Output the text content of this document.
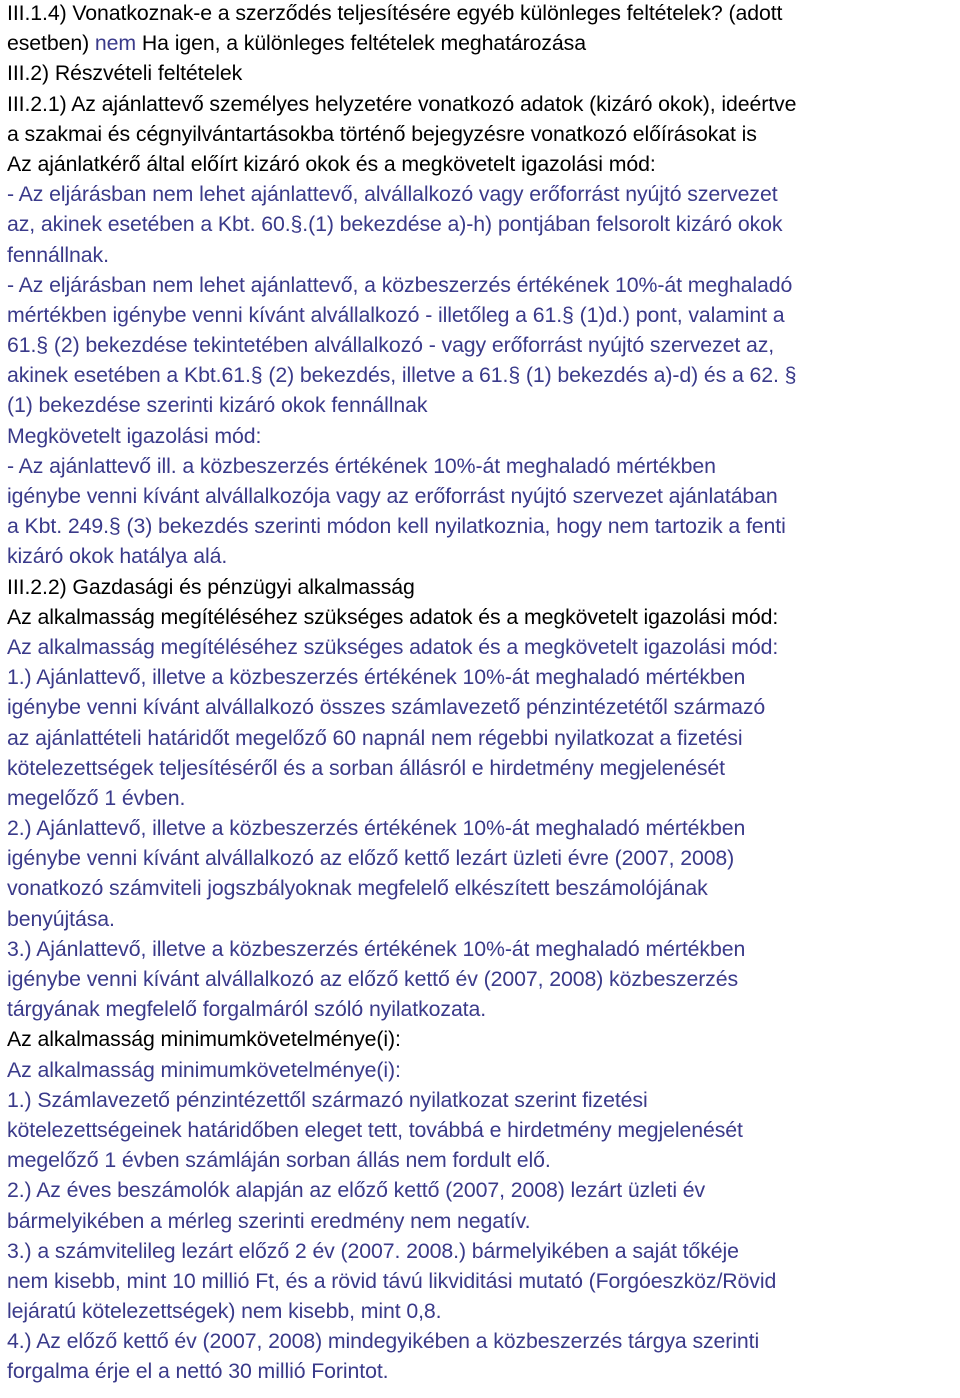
III.1.4) Vonatkoznak-e a szerződés teljesítésére egyéb különleges feltételek? (adott
esetben) nem Ha igen, a különleges feltételek meghatározása
III.2) Részvételi feltételek
III.2.1) Az ajánlattevő személyes helyzetére vonatkozó adatok (kizáró okok), ideértve
a szakmai és cégnyilvántartásokba történő bejegyzésre vonatkozó előírásokat is
Az ajánlatkérő által előírt kizáró okok és a megkövetelt igazolási mód:
- Az eljárásban nem lehet ajánlattevő, alvállalkozó vagy erőforrást nyújtó szervezet
az, akinek esetében a Kbt. 60.§.(1) bekezdése a)-h) pontjában felsorolt kizáró okok
fennállnak.
- Az eljárásban nem lehet ajánlattevő, a közbeszerzés értékének 10%-át meghaladó
mértékben igénybe venni kívánt alvállalkozó - illetőleg a 61.§ (1)d.) pont, valamint a
61.§ (2) bekezdése tekintetében alvállalkozó - vagy erőforrást nyújtó szervezet az,
akinek esetében a Kbt.61.§ (2) bekezdés, illetve a 61.§ (1) bekezdés a)-d) és a 62. §
(1) bekezdése szerinti kizáró okok fennállnak
Megkövetelt igazolási mód:
- Az ajánlattevő ill. a közbeszerzés értékének 10%-át meghaladó mértékben
igénybe venni kívánt alvállalkozója vagy az erőforrást nyújtó szervezet ajánlatában
a Kbt. 249.§ (3) bekezdés szerinti módon kell nyilatkoznia, hogy nem tartozik a fenti
kizáró okok hatálya alá.
III.2.2) Gazdasági és pénzügyi alkalmasság
Az alkalmasság megítéléséhez szükséges adatok és a megkövetelt igazolási mód:
Az alkalmasság megítéléséhez szükséges adatok és a megkövetelt igazolási mód:
1.) Ajánlattevő, illetve a közbeszerzés értékének 10%-át meghaladó mértékben
igénybe venni kívánt alvállalkozó összes számlavezető pénzintézetétől származó
az ajánlattételi határidőt megelőző 60 napnál nem régebbi nyilatkozat a fizetési
kötelezettségek teljesítéséről és a sorban állásról e hirdetmény megjelenését
megelőző 1 évben.
2.) Ajánlattevő, illetve a közbeszerzés értékének 10%-át meghaladó mértékben
igénybe venni kívánt alvállalkozó az előző kettő lezárt üzleti évre (2007, 2008)
vonatkozó számviteli jogszbályoknak megfelelő elkészített beszámolójának
benyújtása.
3.) Ajánlattevő, illetve a közbeszerzés értékének 10%-át meghaladó mértékben
igénybe venni kívánt alvállalkozó az előző kettő év (2007, 2008) közbeszerzés
tárgyának megfelelő forgalmáról szóló nyilatkozata.
Az alkalmasság minimumkövetelménye(i):
Az alkalmasság minimumkövetelménye(i):
1.) Számlavezető pénzintézettől származó nyilatkozat szerint fizetési
kötelezettségeinek határidőben eleget tett, továbbá e hirdetmény megjelenését
megelőző 1 évben számláján sorban állás nem fordult elő.
2.) Az éves beszámolók alapján az előző kettő (2007, 2008) lezárt üzleti év
bármelyikében a mérleg szerinti eredmény nem negatív.
3.) a számvitelileg lezárt előző 2 év (2007. 2008.) bármelyikében a saját tőkéje
nem kisebb, mint 10 millió Ft, és a rövid távú likviditási mutató (Forgóeszköz/Rövid
lejáratú kötelezettségek) nem kisebb, mint 0,8.
4.) Az előző kettő év (2007, 2008) mindegyikében a közbeszerzés tárgya szerinti
forgalma érje el a nettó 30 millió Forintot.
